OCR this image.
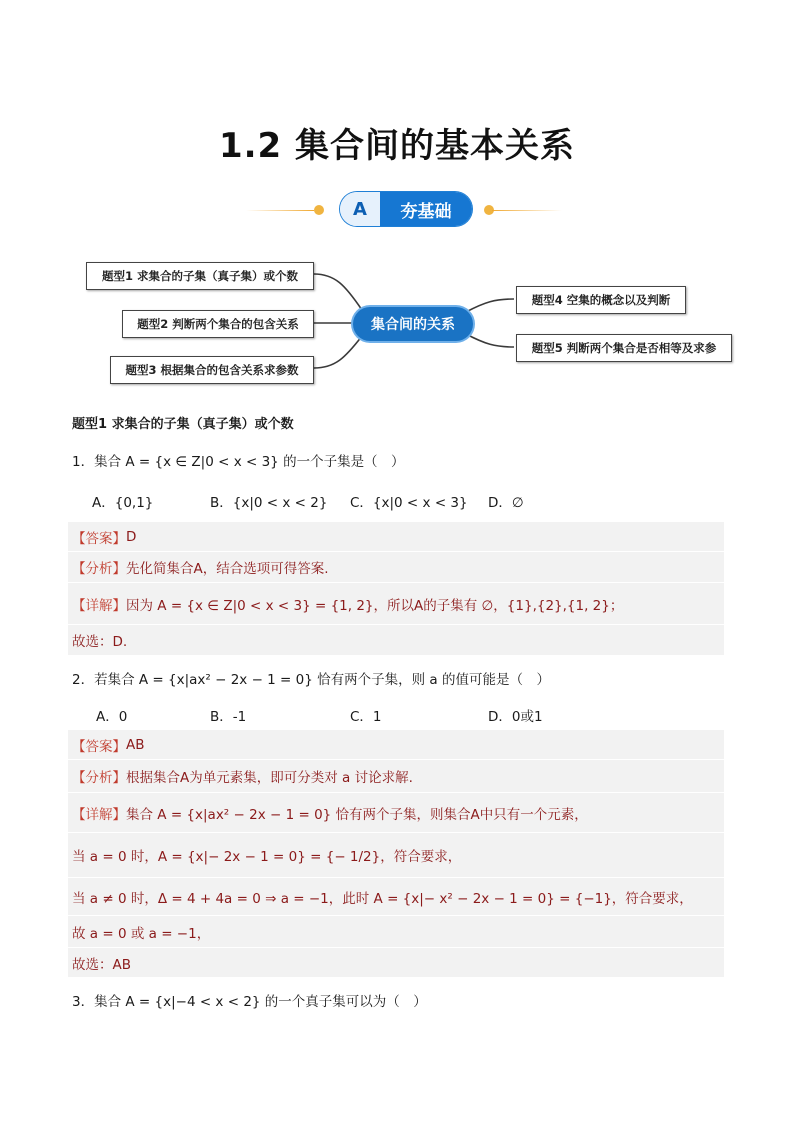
1.2 集合间的基本关系
A	夯基础
题型1 求集合的子集（真子集）或个数
题型2 判断两个集合的包含关系
题型3 根据集合的包含关系求参数
集合间的关系
题型4 空集的概念以及判断
题型5 判断两个集合是否相等及求参
题型1 求集合的子集（真子集）或个数
1．集合 A = {x ∈ Z|0 < x < 3} 的一个子集是（　）
A．{0,1}	B．{x|0 < x < 2} C．{x|0 < x < 3} D．∅
【答案】 D
【分析】 先化简集合A，结合选项可得答案.
【详解】 因为 A = {x ∈ Z|0 < x < 3} = {1, 2}，所以A的子集有 ∅，{1},{2},{1, 2}；
故选：D.
2．若集合 A = {x|ax² − 2x − 1 = 0} 恰有两个子集，则 a 的值可能是（　）
A．0	B．-1	C．1	D．0或1
【答案】 AB
【分析】 根据集合A为单元素集，即可分类对 a 讨论求解.
【详解】 集合 A = {x|ax² − 2x − 1 = 0} 恰有两个子集，则集合A中只有一个元素，
当 a = 0 时，A = {x|− 2x − 1 = 0} = {− 1/2}，符合要求，
当 a ≠ 0 时，Δ = 4 + 4a = 0 ⇒ a = −1，此时 A = {x|− x² − 2x − 1 = 0} = {−1}，符合要求，
故 a = 0 或 a = −1，
故选：AB
3．集合 A = {x|−4 < x < 2} 的一个真子集可以为（　）
